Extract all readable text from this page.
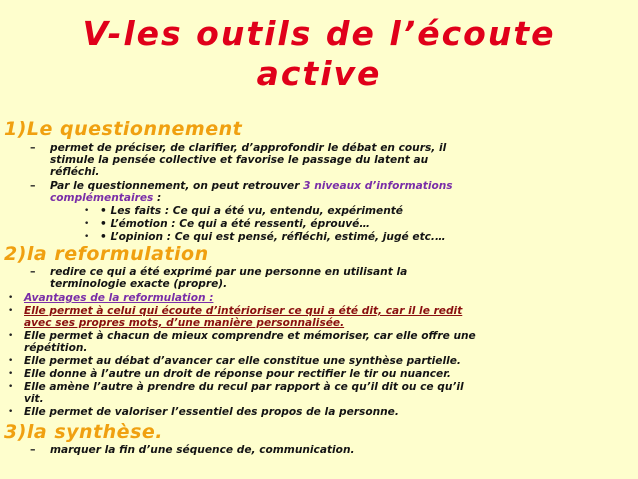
V-les outils de l’écoute
active
1)Le questionnement
– permet de préciser, de clarifier, d’approfondir le débat en cours, il
stimule la pensée collective et favorise le passage du latent au
réfléchi.
– Par le questionnement, on peut retrouver 3 niveaux d’informations
complémentaires :
• • Les faits : Ce qui a été vu, entendu, expérimenté
• • L’émotion : Ce qui a été ressenti, éprouvé…
• • L’opinion : Ce qui est pensé, réfléchi, estimé, jugé etc.…
2)la reformulation
– redire ce qui a été exprimé par une personne en utilisant la
terminologie exacte (propre).
• Avantages de la reformulation :
• Elle permet à celui qui écoute d’intérioriser ce qui a été dit, car il le redit
avec ses propres mots, d’une manière personnalisée.
• Elle permet à chacun de mieux comprendre et mémoriser, car elle offre une
répétition.
• Elle permet au débat d’avancer car elle constitue une synthèse partielle.
• Elle donne à l’autre un droit de réponse pour rectifier le tir ou nuancer.
• Elle amène l’autre à prendre du recul par rapport à ce qu’il dit ou ce qu’il
vit.
• Elle permet de valoriser l’essentiel des propos de la personne.
3)la synthèse.
– marquer la fin d’une séquence de, communication.
